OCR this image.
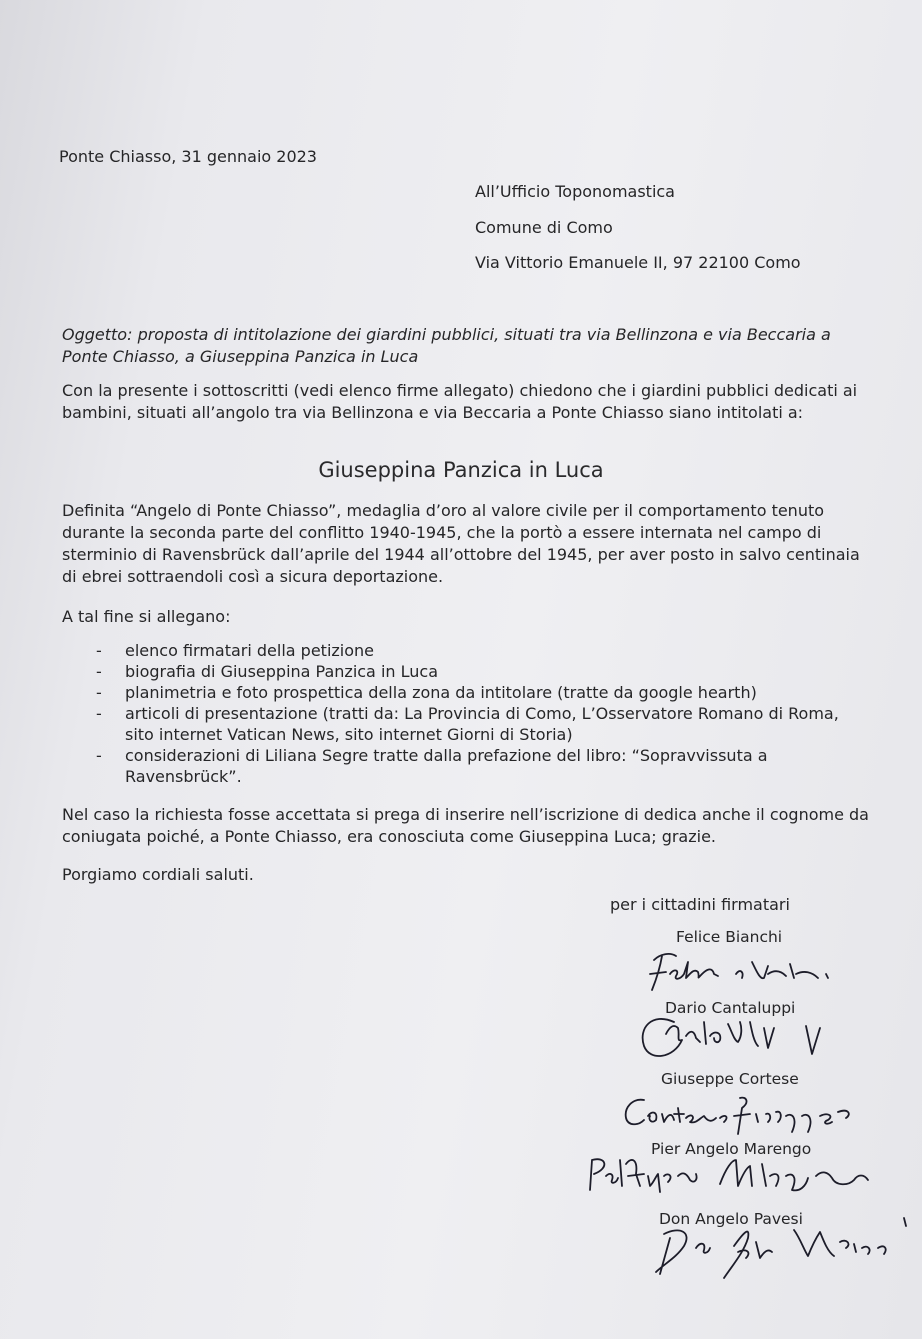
Ponte Chiasso, 31 gennaio 2023
All’Ufficio Toponomastica
Comune di Como
Via Vittorio Emanuele II, 97 22100 Como
Oggetto: proposta di intitolazione dei giardini pubblici, situati tra via Bellinzona e via Beccaria a Ponte Chiasso, a Giuseppina Panzica in Luca
Con la presente i sottoscritti (vedi elenco firme allegato) chiedono che i giardini pubblici dedicati ai bambini, situati all’angolo tra via Bellinzona e via Beccaria a Ponte Chiasso siano intitolati a:
Giuseppina Panzica in Luca
Definita “Angelo di Ponte Chiasso”, medaglia d’oro al valore civile per il comportamento tenuto durante la seconda parte del conflitto 1940-1945, che la portò a essere internata nel campo di sterminio di Ravensbrück dall’aprile del 1944 all’ottobre del 1945, per aver posto in salvo centinaia di ebrei sottraendoli così a sicura deportazione.
A tal fine si allegano:
- elenco firmatari della petizione
- biografia di Giuseppina Panzica in Luca
- planimetria e foto prospettica della zona da intitolare (tratte da google hearth)
- articoli di presentazione (tratti da: La Provincia di Como, L’Osservatore Romano di Roma, sito internet Vatican News, sito internet Giorni di Storia)
- considerazioni di Liliana Segre tratte dalla prefazione del libro: “Sopravvissuta a Ravensbrück”.
Nel caso la richiesta fosse accettata si prega di inserire nell’iscrizione di dedica anche il cognome da coniugata poiché, a Ponte Chiasso, era conosciuta come Giuseppina Luca; grazie.
Porgiamo cordiali saluti.
per i cittadini firmatari
Felice Bianchi
Dario Cantaluppi
Giuseppe Cortese
Pier Angelo Marengo
Don Angelo Pavesi
